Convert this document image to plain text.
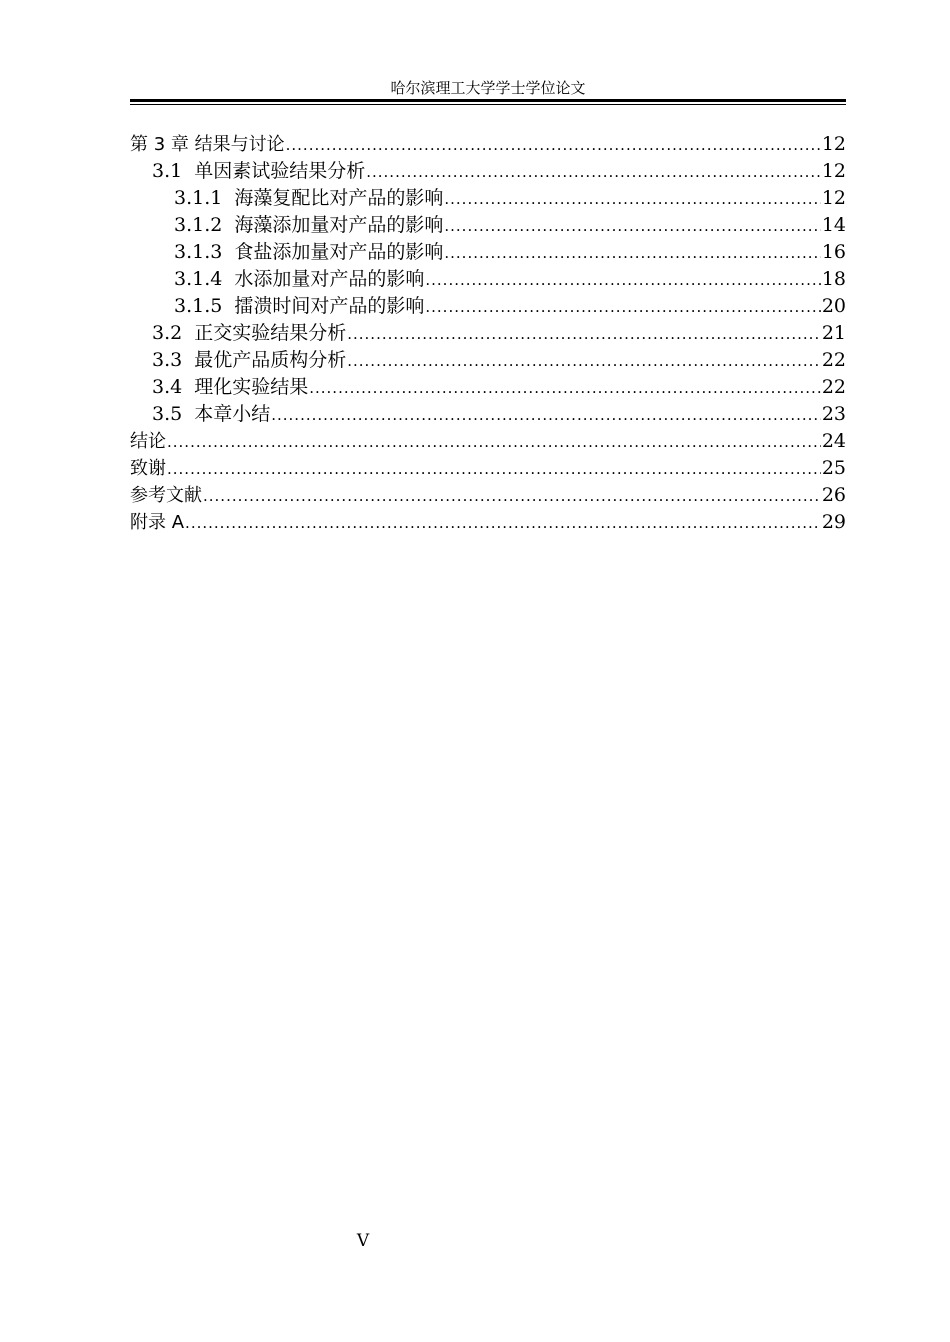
哈尔滨理工大学学士学位论文
第 3 章 结果与讨论 .....	12
3.1 单因素试验结果分析 .....	12
3.1.1 海藻复配比对产品的影响 .....	12
3.1.2 海藻添加量对产品的影响 .....	14
3.1.3 食盐添加量对产品的影响 .....	16
3.1.4 水添加量对产品的影响 .....	18
3.1.5 擂溃时间对产品的影响 .....	20
3.2 正交实验结果分析 .....	21
3.3 最优产品质构分析 .....	22
3.4 理化实验结果 .....	22
3.5 本章小结 .....	23
结论 .....	24
致谢 .....	25
参考文献 .....	26
附录 A .....	29
V
